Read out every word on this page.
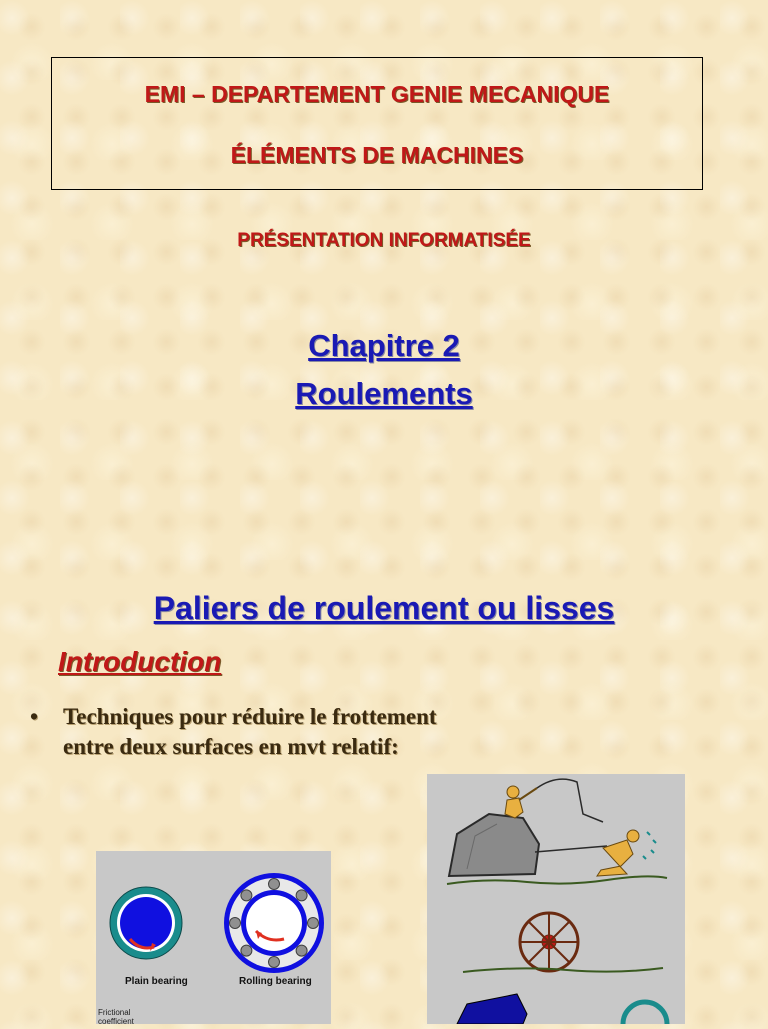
EMI – DEPARTEMENT GENIE MECANIQUE
ÉLÉMENTS DE MACHINES
PRÉSENTATION INFORMATISÉE
Chapitre 2
Roulements
Paliers de roulement ou lisses
Introduction
• Techniques pour réduire le frottement
entre deux surfaces en mvt relatif:
Plain bearing	Rolling bearing
Frictional
coefficient
